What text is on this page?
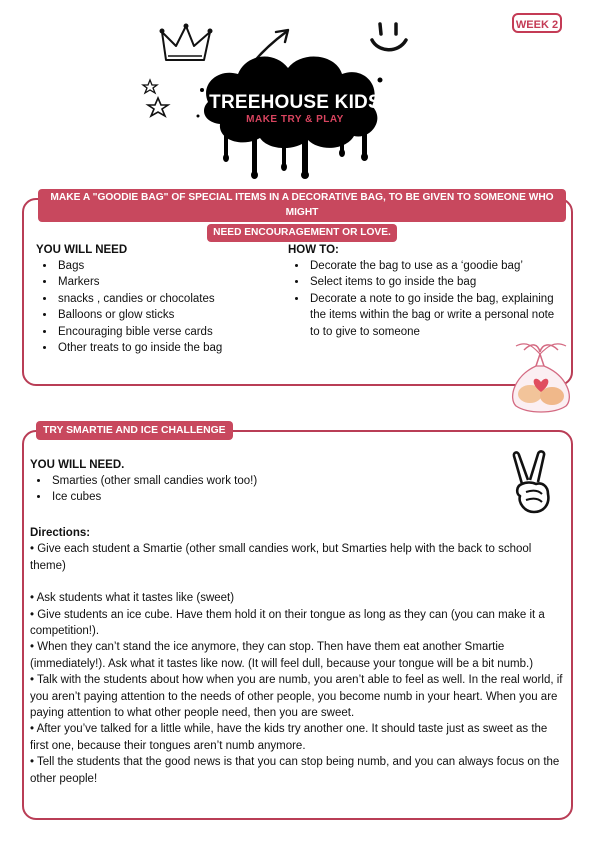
WEEK 2
TREEHOUSE KIDS
MAKE TRY & PLAY
MAKE A "GOODIE BAG" OF SPECIAL ITEMS IN A DECORATIVE BAG, TO BE GIVEN TO SOMEONE WHO MIGHT
NEED ENCOURAGEMENT OR LOVE.
YOU WILL NEED
• Bags
• Markers
• snacks , candies or chocolates
• Balloons or glow sticks
• Encouraging bible verse cards
• Other treats to go inside the bag
HOW TO:
• Decorate the bag to use as a ‘goodie bag’
• Select items to go inside the bag
• Decorate a note to go inside the bag, explaining the items within the bag or write a personal note to to give to someone
TRY SMARTIE AND ICE CHALLENGE
YOU WILL NEED.
• Smarties (other small candies work too!)
• Ice cubes
Directions:

• Give each student a Smartie (other small candies work, but Smarties help with the back to school theme)

• Ask students what it tastes like (sweet)

• Give students an ice cube. Have them hold it on their tongue as long as they can (you can make it a competition!).

• When they can’t stand the ice anymore, they can stop. Then have them eat another Smartie (immediately!). Ask what it tastes like now. (It will feel dull, because your tongue will be a bit numb.)

• Talk with the students about how when you are numb, you aren’t able to feel as well. In the real world, if you aren’t paying attention to the needs of other people, you become numb in your heart. When you are paying attention to what other people need, then you are sweet.

• After you’ve talked for a little while, have the kids try another one. It should taste just as sweet as the first one, because their tongues aren’t numb anymore.

• Tell the students that the good news is that you can stop being numb, and you can always focus on the other people!
